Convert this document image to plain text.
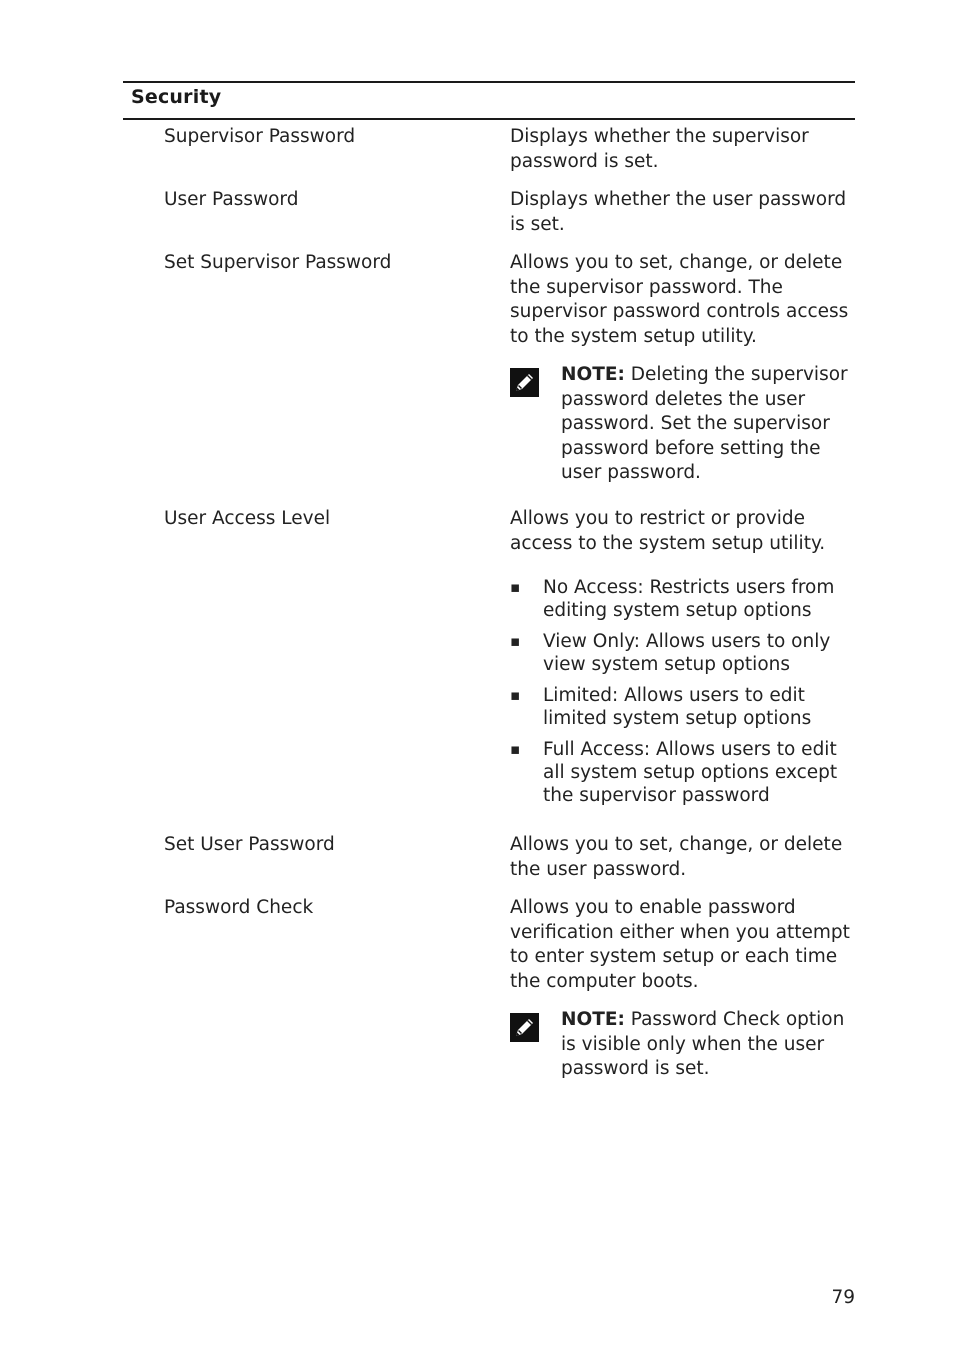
Security

Supervisor Password	Displays whether the supervisor password is set.

User Password	Displays whether the user password is set.

Set Supervisor Password	Allows you to set, change, or delete the supervisor password. The supervisor password controls access to the system setup utility.

NOTE: Deleting the supervisor password deletes the user password. Set the supervisor password before setting the user password.

User Access Level	Allows you to restrict or provide access to the system setup utility.

▪ No Access: Restricts users from editing system setup options
▪ View Only: Allows users to only view system setup options
▪ Limited: Allows users to edit limited system setup options
▪ Full Access: Allows users to edit all system setup options except the supervisor password

Set User Password	Allows you to set, change, or delete the user password.

Password Check	Allows you to enable password verification either when you attempt to enter system setup or each time the computer boots.

NOTE: Password Check option is visible only when the user password is set.

79
